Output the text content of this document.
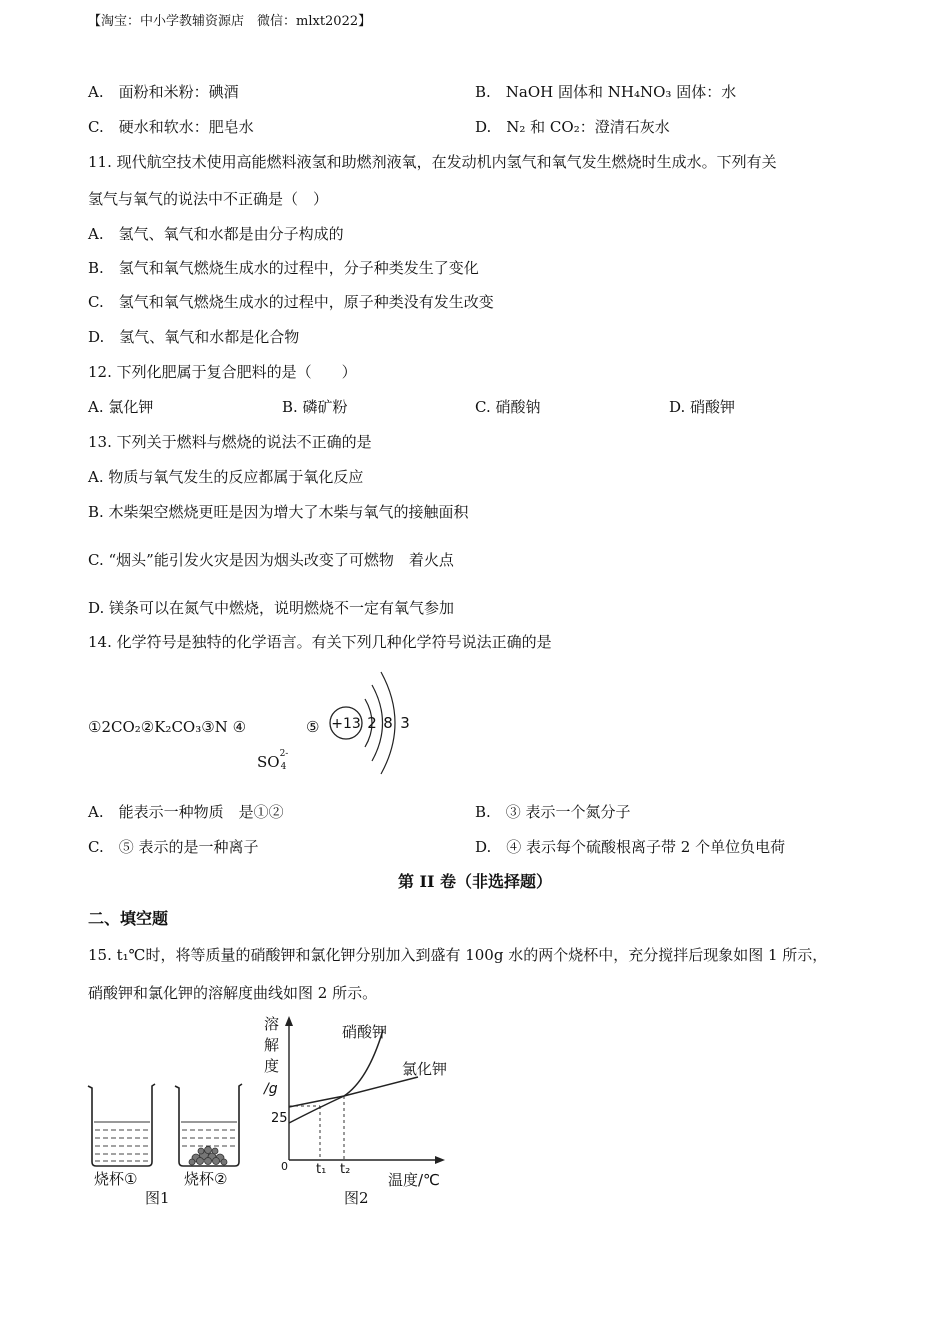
【淘宝：中小学教辅资源店　微信：mlxt2022】
A.　面粉和米粉：碘酒	B.　NaOH 固体和 NH₄NO₃ 固体：水
C.　硬水和软水：肥皂水	D.　N₂ 和 CO₂：澄清石灰水
11. 现代航空技术使用高能燃料液氢和助燃剂液氧，在发动机内氢气和氧气发生燃烧时生成水。下列有关
氢气与氧气的说法中不正确是（　）
A.　氢气、氧气和水都是由分子构成的
B.　氢气和氧气燃烧生成水的过程中，分子种类发生了变化
C.　氢气和氧气燃烧生成水的过程中，原子种类没有发生改变
D.　氢气、氧气和水都是化合物
12. 下列化肥属于复合肥料的是（　　）
A. 氯化钾	B. 磷矿粉	C. 硝酸钠	D. 硝酸钾
13. 下列关于燃料与燃烧的说法不正确的是
A. 物质与氧气发生的反应都属于氧化反应
B. 木柴架空燃烧更旺是因为增大了木柴与氧气的接触面积
C. “烟头”能引发火灾是因为烟头改变了可燃物　着火点
D. 镁条可以在氮气中燃烧，说明燃烧不一定有氧气参加
14. 化学符号是独特的化学语言。有关下列几种化学符号说法正确的是
①2CO₂②K₂CO₃③N ④	⑤
SO 2-
4
+13 2 8 3
A.　能表示一种物质　是①②	B.　③ 表示一个氮分子
C.　⑤ 表示的是一种离子	D.　④ 表示每个硫酸根离子带 2 个单位负电荷
第 II 卷（非选择题）
二、填空题
15. t₁℃时，将等质量的硝酸钾和氯化钾分别加入到盛有 100g 水的两个烧杯中，充分搅拌后现象如图 1 所示，
硝酸钾和氯化钾的溶解度曲线如图 2 所示。
烧杯①	烧杯②
图1
溶
解
度
/g
0
25
硝酸钾
氯化钾
t₁ t₂
温度/℃
图2
